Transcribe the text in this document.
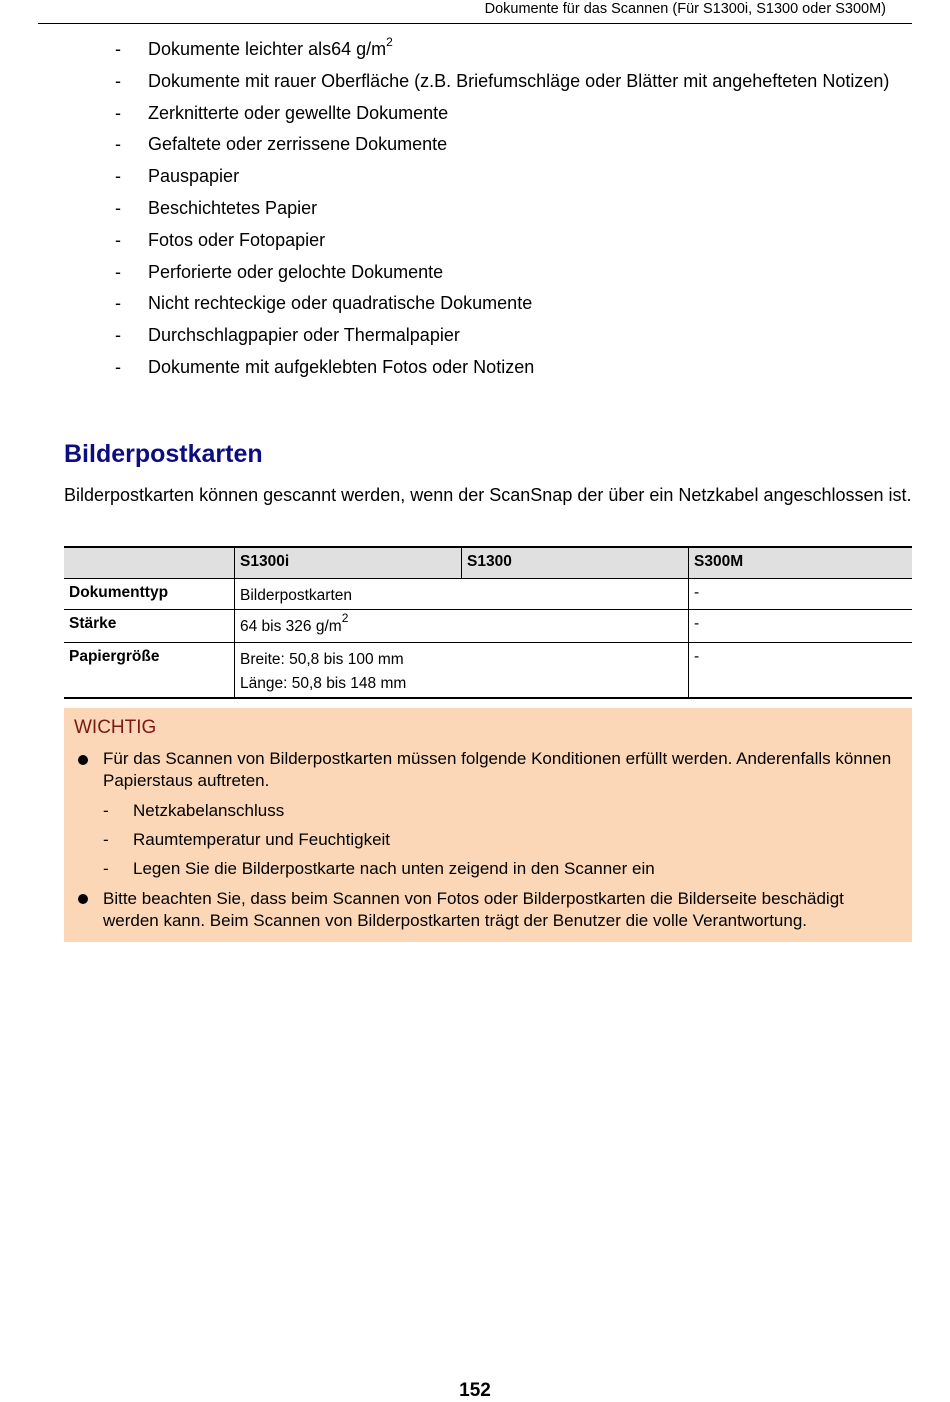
Dokumente für das Scannen (Für S1300i, S1300 oder S300M)
- Dokumente leichter als64 $g/m^2$
- Dokumente mit rauer Oberfläche (z.B. Briefumschläge oder Blätter mit angehefteten Notizen)
- Zerknitterte oder gewellte Dokumente
- Gefaltete oder zerrissene Dokumente
- Pauspapier
- Beschichtetes Papier
- Fotos oder Fotopapier
- Perforierte oder gelochte Dokumente
- Nicht rechteckige oder quadratische Dokumente
- Durchschlagpapier oder Thermalpapier
- Dokumente mit aufgeklebten Fotos oder Notizen
Bilderpostkarten

Bilderpostkarten können gescannt werden, wenn der ScanSnap der über ein Netzkabel angeschlossen ist.

	S1300i	S1300	S300M
Dokumenttyp	Bilderpostkarten		-
Stärke	64 bis 326 $g/m^2$		-
Papiergröße	Breite: 50,8 bis 100 mm
Länge: 50,8 bis 148 mm		-
WICHTIG
Für das Scannen von Bilderpostkarten müssen folgende Konditionen erfüllt werden. Anderenfalls können Papierstaus auftreten.
- Netzkabelanschluss
- Raumtemperatur und Feuchtigkeit
- Legen Sie die Bilderpostkarte nach unten zeigend in den Scanner ein
Bitte beachten Sie, dass beim Scannen von Fotos oder Bilderpostkarten die Bilderseite beschädigt werden kann. Beim Scannen von Bilderpostkarten trägt der Benutzer die volle Verantwortung.
152
